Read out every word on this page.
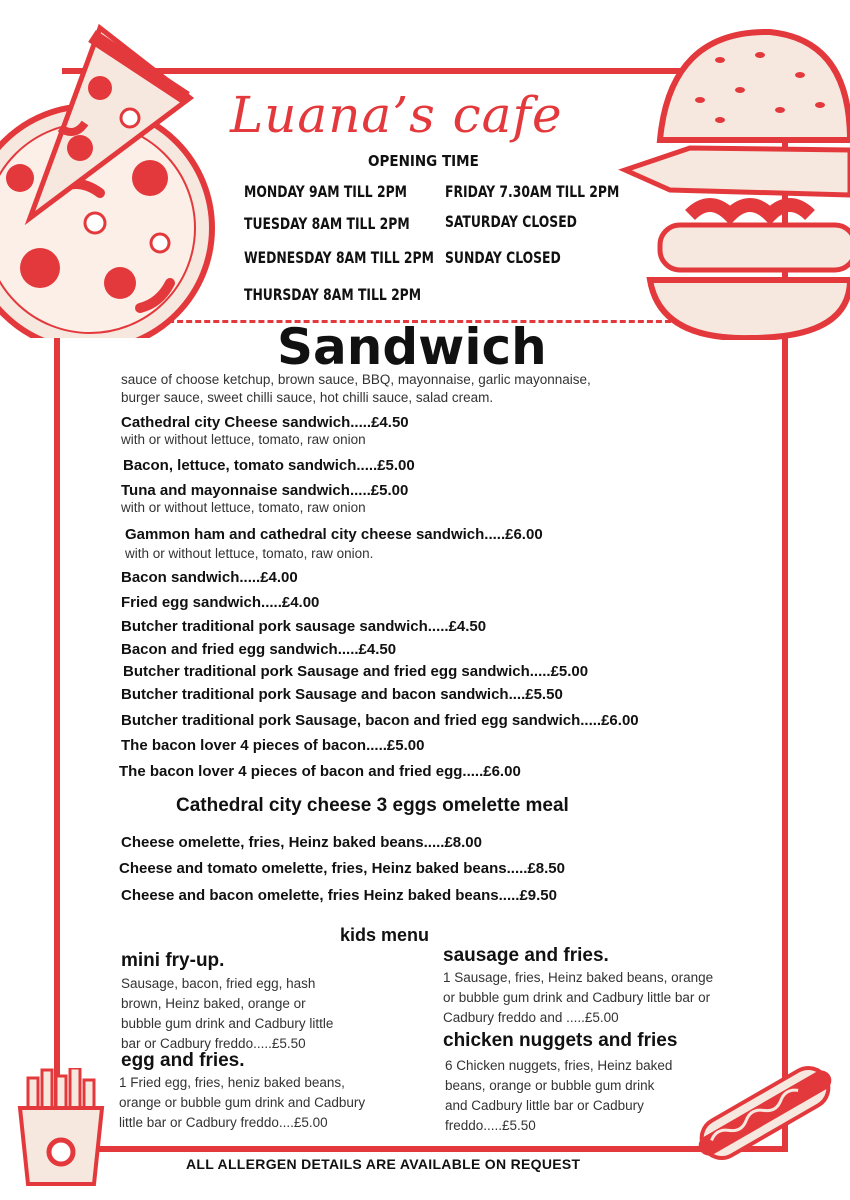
Luana’s cafe
OPENING TIME
MONDAY 9AM TILL 2PM
TUESDAY 8AM TILL 2PM
WEDNESDAY 8AM TILL 2PM
THURSDAY 8AM TILL 2PM
FRIDAY 7.30AM TILL 2PM
SATURDAY CLOSED
SUNDAY CLOSED
Sandwich
sauce of choose ketchup, brown sauce, BBQ, mayonnaise, garlic mayonnaise,
burger sauce, sweet chilli sauce, hot chilli sauce, salad cream.
Cathedral city Cheese sandwich.....£4.50
with or without lettuce, tomato, raw onion
Bacon, lettuce, tomato sandwich.....£5.00
Tuna and mayonnaise sandwich.....£5.00
with or without lettuce, tomato, raw onion
Gammon ham and cathedral city cheese sandwich.....£6.00
with or without lettuce, tomato, raw onion.
Bacon sandwich.....£4.00
Fried egg sandwich.....£4.00
Butcher traditional pork sausage sandwich.....£4.50
Bacon and fried egg sandwich.....£4.50
Butcher traditional pork Sausage and fried egg sandwich.....£5.00
Butcher traditional pork Sausage and bacon sandwich....£5.50
Butcher traditional pork Sausage, bacon and fried egg sandwich.....£6.00
The bacon lover 4 pieces of bacon.....£5.00
The bacon lover 4 pieces of bacon and fried egg.....£6.00
Cathedral city cheese 3 eggs omelette meal
Cheese omelette, fries, Heinz baked beans.....£8.00
Cheese and tomato omelette, fries, Heinz baked beans.....£8.50
Cheese and bacon omelette, fries Heinz baked beans.....£9.50
kids menu
mini fry-up.
Sausage, bacon, fried egg, hash
brown, Heinz baked, orange or
bubble gum drink and Cadbury little
bar or Cadbury freddo.....£5.50
egg and fries.
1 Fried egg, fries, heniz baked beans,
orange or bubble gum drink and Cadbury
little bar or Cadbury freddo....£5.00
sausage and fries.
1 Sausage, fries, Heinz baked beans, orange
or bubble gum drink and Cadbury little bar or
Cadbury freddo and .....£5.00
chicken nuggets and fries
6 Chicken nuggets, fries, Heinz baked
beans, orange or bubble gum drink
and Cadbury little bar or Cadbury
freddo.....£5.50
ALL ALLERGEN DETAILS ARE AVAILABLE ON REQUEST
